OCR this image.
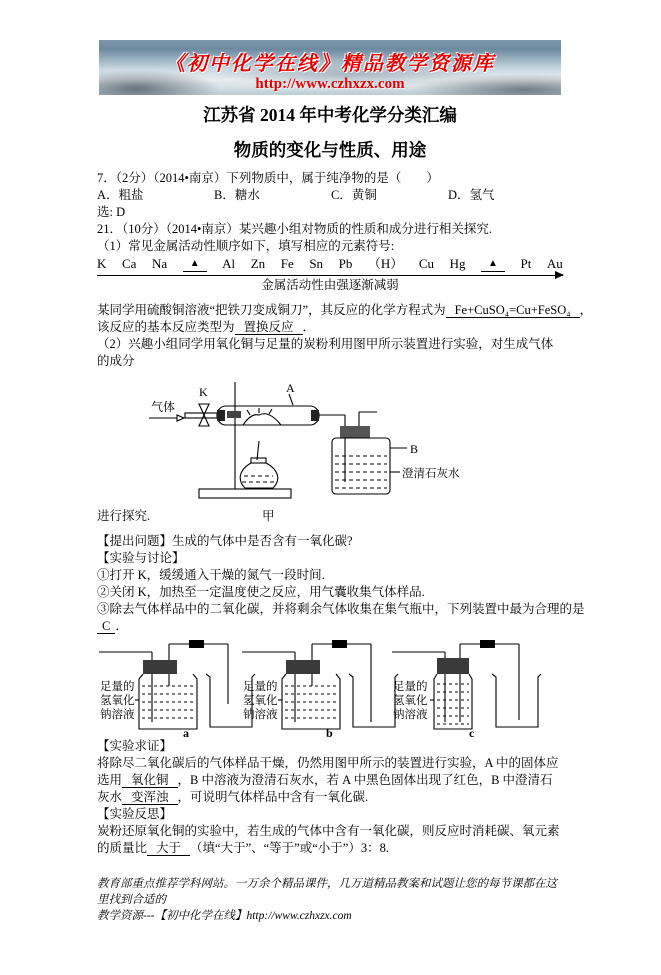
《初中化学在线》精品教学资源库
http://www.czhxzx.com
江苏省 2014 年中考化学分类汇编
物质的变化与性质、用途
7．（2分）（2014•南京）下列物质中，属于纯净物的是（　　）
A．粗盐	B．糖水	C．黄铜	D．氢气
选: D
21．（10分）（2014•南京）某兴趣小组对物质的性质和成分进行相关探究.
（1）常见金属活动性顺序如下，填写相应的元素符号:
K Ca Na	▲	Al Zn Fe Sn Pb （H） Cu Hg	▲	Pt Au
金属活动性由强逐渐减弱
某同学用硫酸铜溶液“把铁刀变成铜刀”，其反应的化学方程式为 Fe+CuSO₄=Cu+FeSO₄ ，
该反应的基本反应类型为 置换反应 ．
（2）兴趣小组同学用氧化铜与足量的炭粉利用图甲所示装置进行实验，对生成气体的成分
气体
K	A
B
澄清石灰水
进行探究.	甲
【提出问题】生成的气体中是否含有一氧化碳?
【实验与讨论】
①打开 K，缓缓通入干燥的氮气一段时间.
②关闭 K，加热至一定温度使之反应，用气囊收集气体样品.
③除去气体样品中的二氧化碳，并将剩余气体收集在集气瓶中，下列装置中最为合理的是
C ．
足量的
氢氧化
钠溶液
a
足量的
氢氧化
钠溶液
b
足量的
氢氧化
钠溶液
c
【实验求证】
将除尽二氧化碳后的气体样品干燥，仍然用图甲所示的装置进行实验，A 中的固体应选用 氧化铜 ，B 中溶液为澄清石灰水，若 A 中黑色固体出现了红色，B 中澄清石灰水 变浑浊 ，可说明气体样品中含有一氧化碳.
【实验反思】
炭粉还原氧化铜的实验中，若生成的气体中含有一氧化碳，则反应时消耗碳、氧元素的质量比 大于 （填“大于”、“等于”或“小于”）3：8.
教育部重点推荐学科网站。一万余个精品课件，几万道精品教案和试题让您的每节课都在这里找到合适的
教学资源---【初中化学在线】http://www.czhxzx.com
